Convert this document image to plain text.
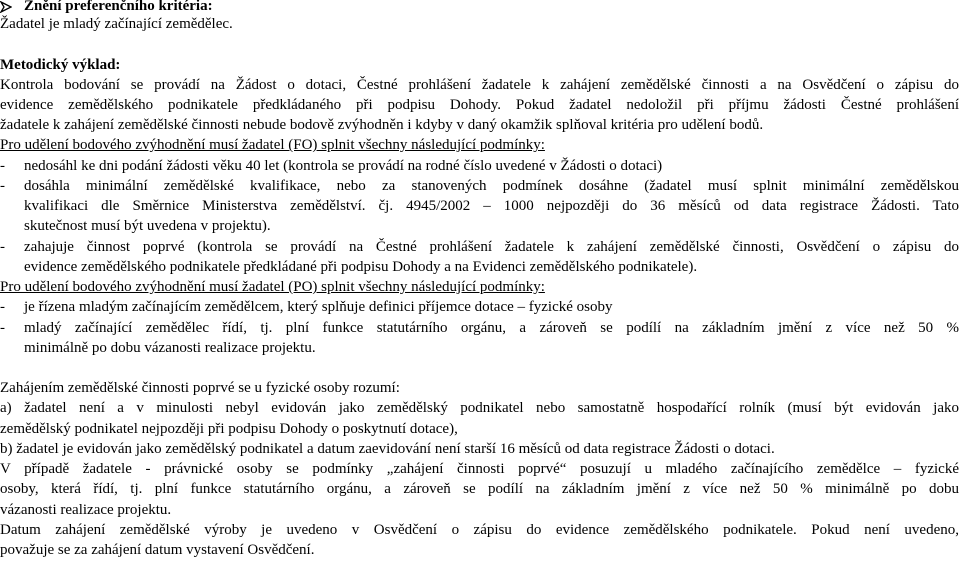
Znění preferenčního kritéria:
Žadatel je mladý začínající zemědělec.
Metodický výklad:
Kontrola bodování se provádí na Žádost o dotaci, Čestné prohlášení žadatele k zahájení zemědělské činnosti a na Osvědčení o zápisu do
evidence zemědělského podnikatele předkládaného při podpisu Dohody. Pokud žadatel nedoložil při příjmu žádosti Čestné prohlášení
žadatele k zahájení zemědělské činnosti nebude bodově zvýhodněn i kdyby v daný okamžik splňoval kritéria pro udělení bodů.
Pro udělení bodového zvýhodnění musí žadatel (FO) splnit všechny následující podmínky:
-	nedosáhl ke dni podání žádosti věku 40 let (kontrola se provádí na rodné číslo uvedené v Žádosti o dotaci)
-	dosáhla minimální zemědělské kvalifikace, nebo za stanovených podmínek dosáhne (žadatel musí splnit minimální zemědělskou
kvalifikaci dle Směrnice Ministerstva zemědělství. čj. 4945/2002 – 1000 nejpozději do 36 měsíců od data registrace Žádosti. Tato
skutečnost musí být uvedena v projektu).
-	zahajuje činnost poprvé (kontrola se provádí na Čestné prohlášení žadatele k zahájení zemědělské činnosti, Osvědčení o zápisu do
evidence zemědělského podnikatele předkládané při podpisu Dohody a na Evidenci zemědělského podnikatele).
Pro udělení bodového zvýhodnění musí žadatel (PO) splnit všechny následující podmínky:
-	je řízena mladým začínajícím zemědělcem, který splňuje definici příjemce dotace – fyzické osoby
-	mladý začínající zemědělec řídí, tj. plní funkce statutárního orgánu, a zároveň se podílí na základním jmění z více než 50 %
minimálně po dobu vázanosti realizace projektu.
Zahájením zemědělské činnosti poprvé se u fyzické osoby rozumí:
a) žadatel není a v minulosti nebyl evidován jako zemědělský podnikatel nebo samostatně hospodařící rolník (musí být evidován jako
zemědělský podnikatel nejpozději při podpisu Dohody o poskytnutí dotace),
b) žadatel je evidován jako zemědělský podnikatel a datum zaevidování není starší 16 měsíců od data registrace Žádosti o dotaci.
V případě žadatele - právnické osoby se podmínky „zahájení činnosti poprvé“ posuzují u mladého začínajícího zemědělce – fyzické
osoby, která řídí, tj. plní funkce statutárního orgánu, a zároveň se podílí na základním jmění z více než 50 % minimálně po dobu
vázanosti realizace projektu.
Datum zahájení zemědělské výroby je uvedeno v Osvědčení o zápisu do evidence zemědělského podnikatele. Pokud není uvedeno,
považuje se za zahájení datum vystavení Osvědčení.
